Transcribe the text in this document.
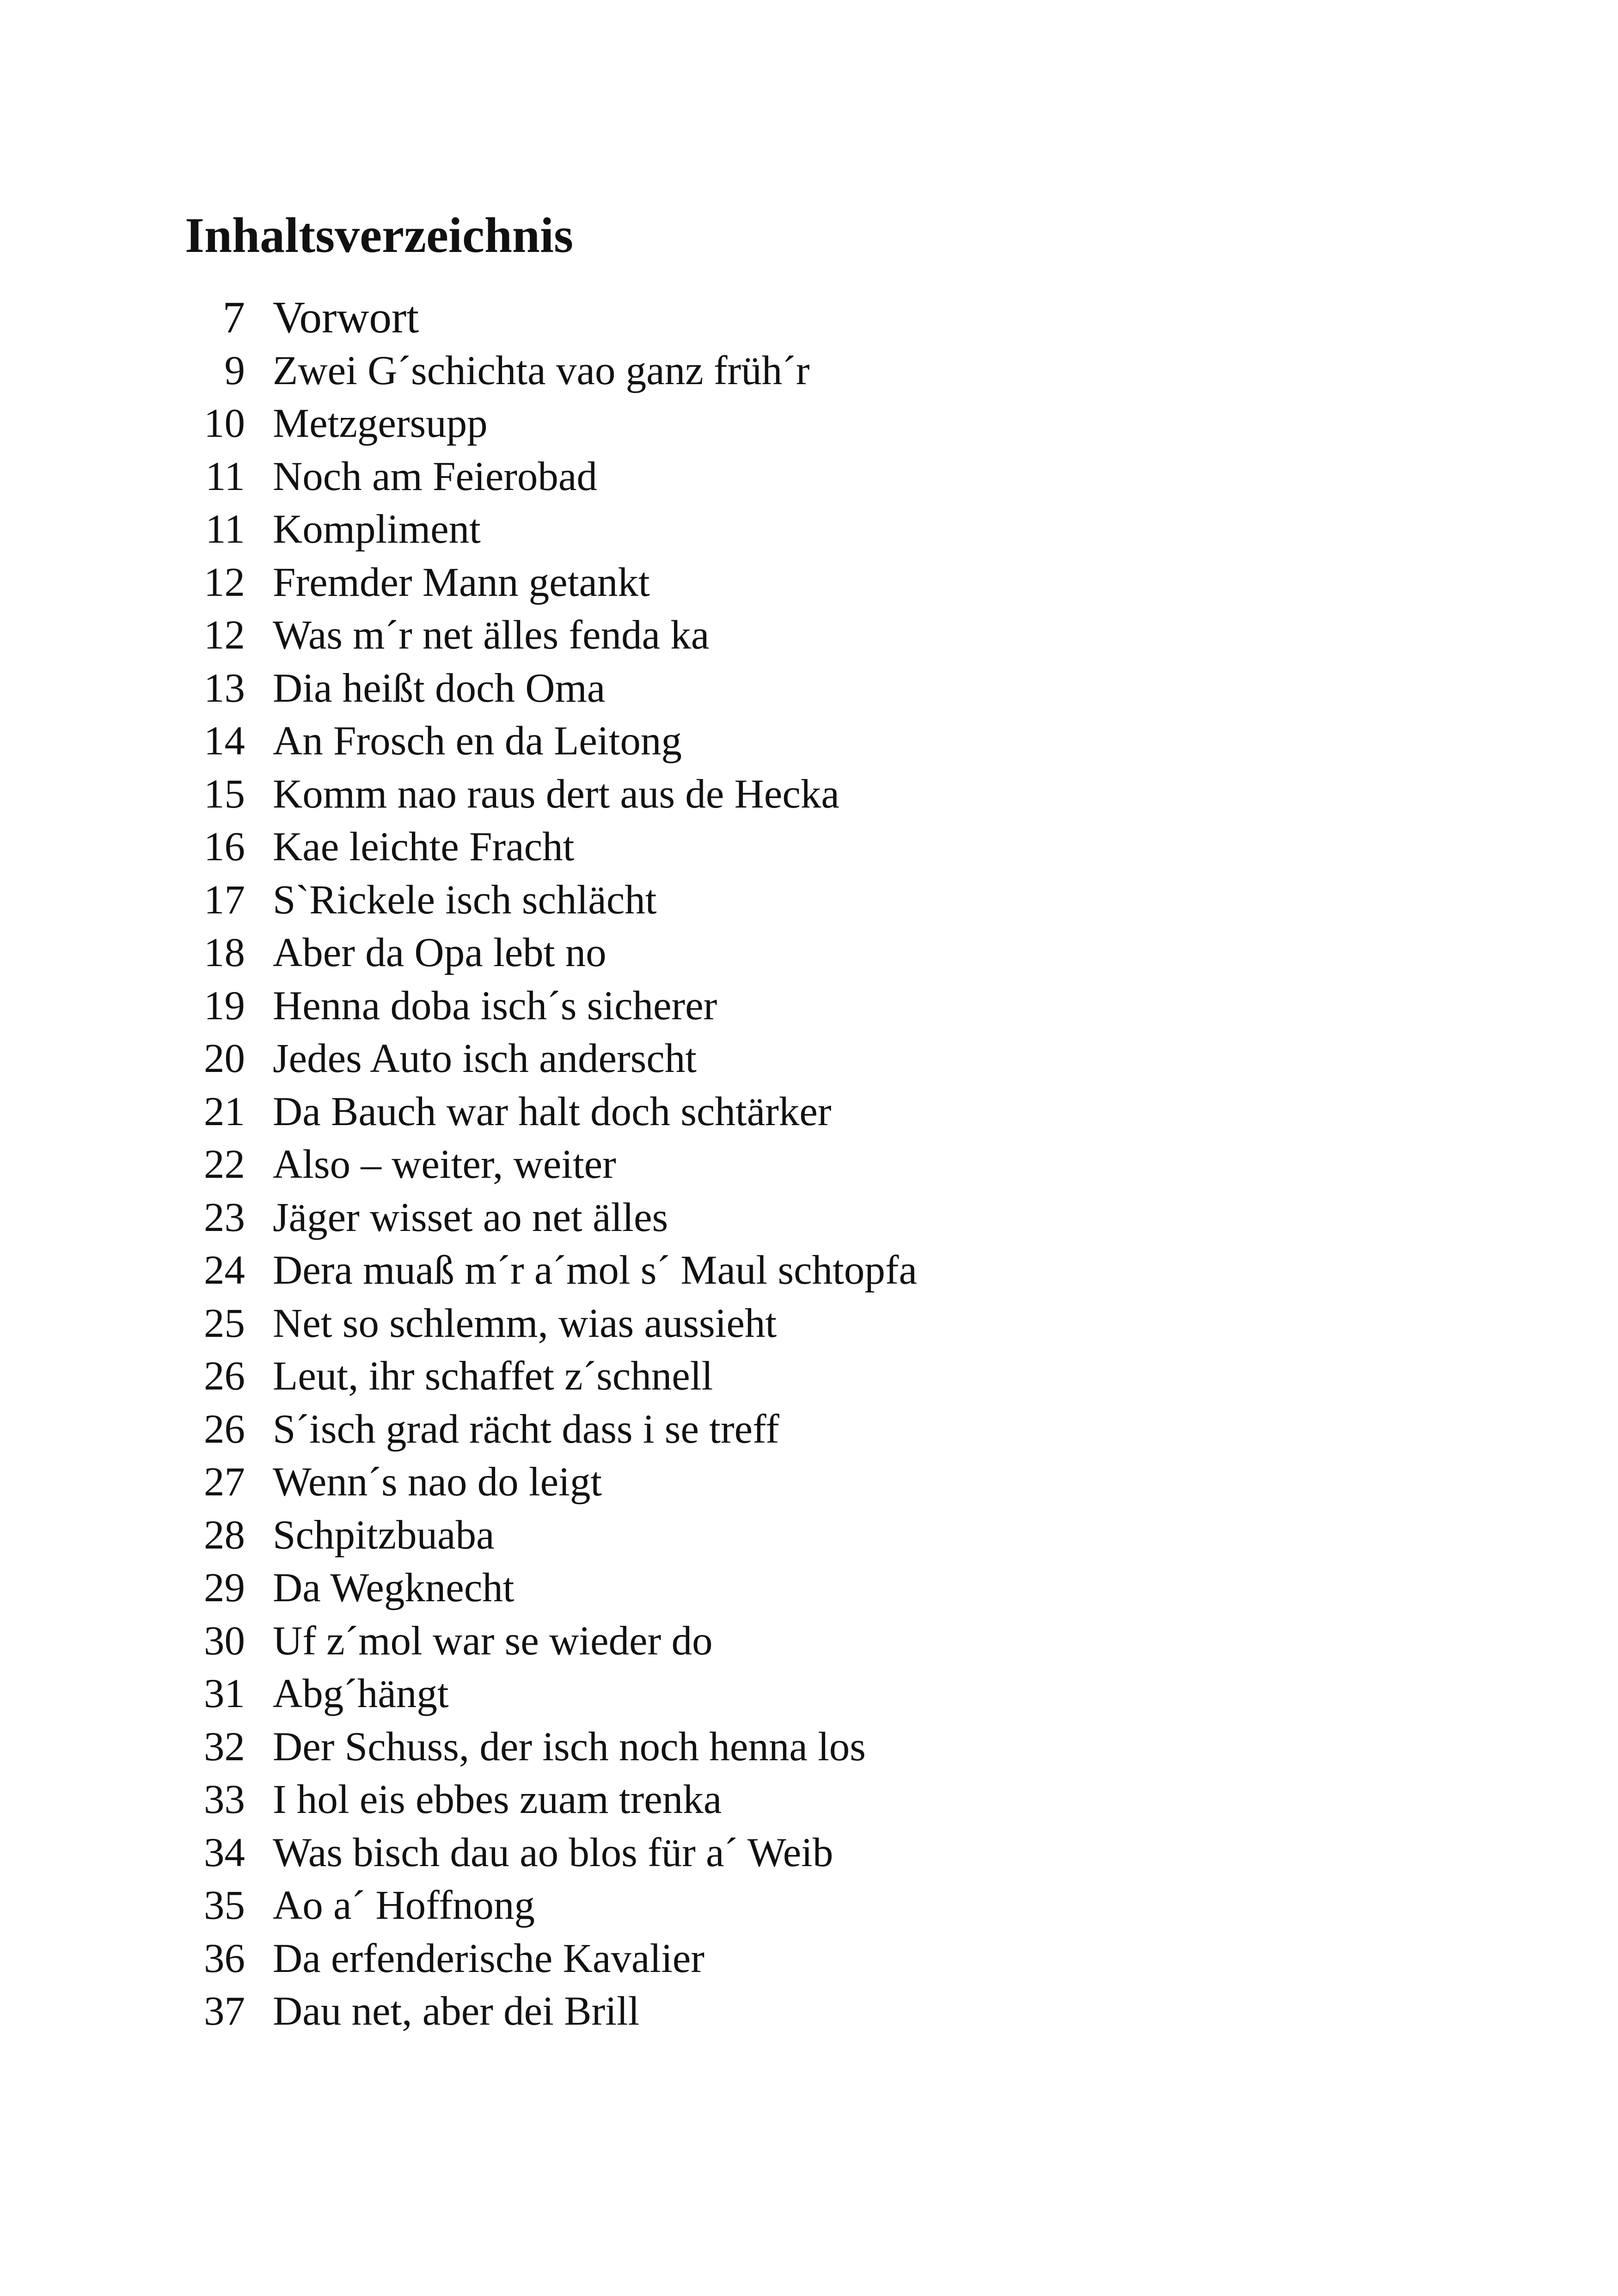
Inhaltsverzeichnis
7 Vorwort
9 Zwei G´schichta vao ganz früh´r
10 Metzgersupp
11 Noch am Feierobad
11 Kompliment
12 Fremder Mann getankt
12 Was m´r net älles fenda ka
13 Dia heißt doch Oma
14 An Frosch en da Leitong
15 Komm nao raus dert aus de Hecka
16 Kae leichte Fracht
17 S`Rickele isch schlächt
18 Aber da Opa lebt no
19 Henna doba isch´s sicherer
20 Jedes Auto isch anderscht
21 Da Bauch war halt doch schtärker
22 Also – weiter, weiter
23 Jäger wisset ao net älles
24 Dera muaß m´r a´mol s´ Maul schtopfa
25 Net so schlemm, wias aussieht
26 Leut, ihr schaffet z´schnell
26 S´isch grad rächt dass i se treff
27 Wenn´s nao do leigt
28 Schpitzbuaba
29 Da Wegknecht
30 Uf z´mol war se wieder do
31 Abg´hängt
32 Der Schuss, der isch noch henna los
33 I hol eis ebbes zuam trenka
34 Was bisch dau ao blos für a´ Weib
35 Ao a´ Hoffnong
36 Da erfenderische Kavalier
37 Dau net, aber dei Brill
